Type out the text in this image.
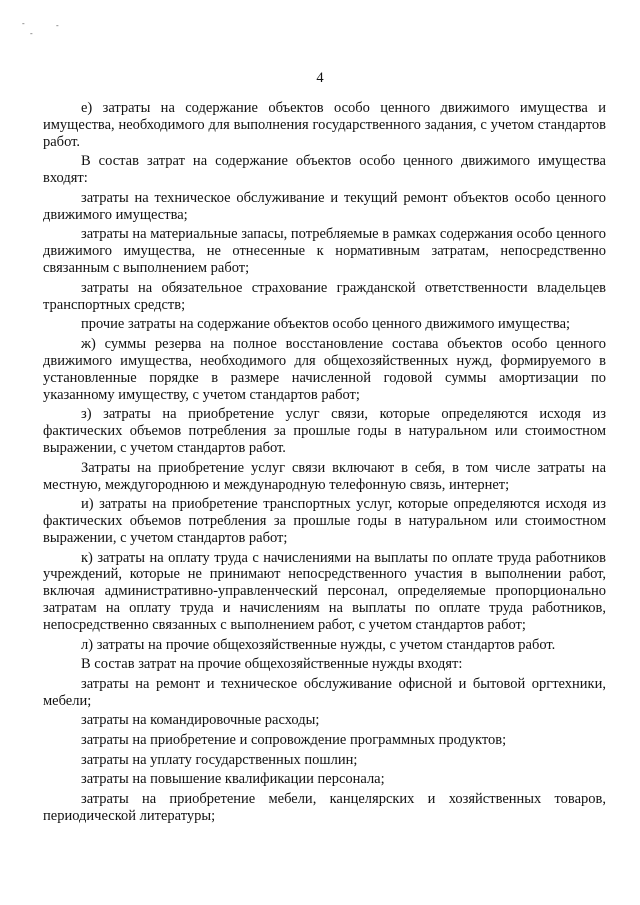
-
-
-
4

е) затраты на содержание объектов особо ценного движимого имущества и имущества, необходимого для выполнения государственного задания, с учетом стандартов работ.

В состав затрат на содержание объектов особо ценного движимого имущества входят:

затраты на техническое обслуживание и текущий ремонт объектов особо ценного движимого имущества;

затраты на материальные запасы, потребляемые в рамках содержания особо ценного движимого имущества, не отнесенные к нормативным затратам, непосредственно связанным с выполнением работ;

затраты на обязательное страхование гражданской ответственности владельцев транспортных средств;

прочие затраты на содержание объектов особо ценного движимого имущества;

ж) суммы резерва на полное восстановление состава объектов особо ценного движимого имущества, необходимого для общехозяйственных нужд, формируемого в установленные порядке в размере начисленной годовой суммы амортизации по указанному имуществу, с учетом стандартов работ;

з) затраты на приобретение услуг связи, которые определяются исходя из фактических объемов потребления за прошлые годы в натуральном или стоимостном выражении, с учетом стандартов работ.

Затраты на приобретение услуг связи включают в себя, в том числе затраты на местную, междугороднюю и международную телефонную связь, интернет;

и) затраты на приобретение транспортных услуг, которые определяются исходя из фактических объемов потребления за прошлые годы в натуральном или стоимостном выражении, с учетом стандартов работ;

к) затраты на оплату труда с начислениями на выплаты по оплате труда работников учреждений, которые не принимают непосредственного участия в выполнении работ, включая административно-управленческий персонал, определяемые пропорционально затратам на оплату труда и начислениям на выплаты по оплате труда работников, непосредственно связанных с выполнением работ, с учетом стандартов работ;

л) затраты на прочие общехозяйственные нужды, с учетом стандартов работ.

В состав затрат на прочие общехозяйственные нужды входят:

затраты на ремонт и техническое обслуживание офисной и бытовой оргтехники, мебели;

затраты на командировочные расходы;

затраты на приобретение и сопровождение программных продуктов;

затраты на уплату государственных пошлин;

затраты на повышение квалификации персонала;

затраты на приобретение мебели, канцелярских и хозяйственных товаров, периодической литературы;
